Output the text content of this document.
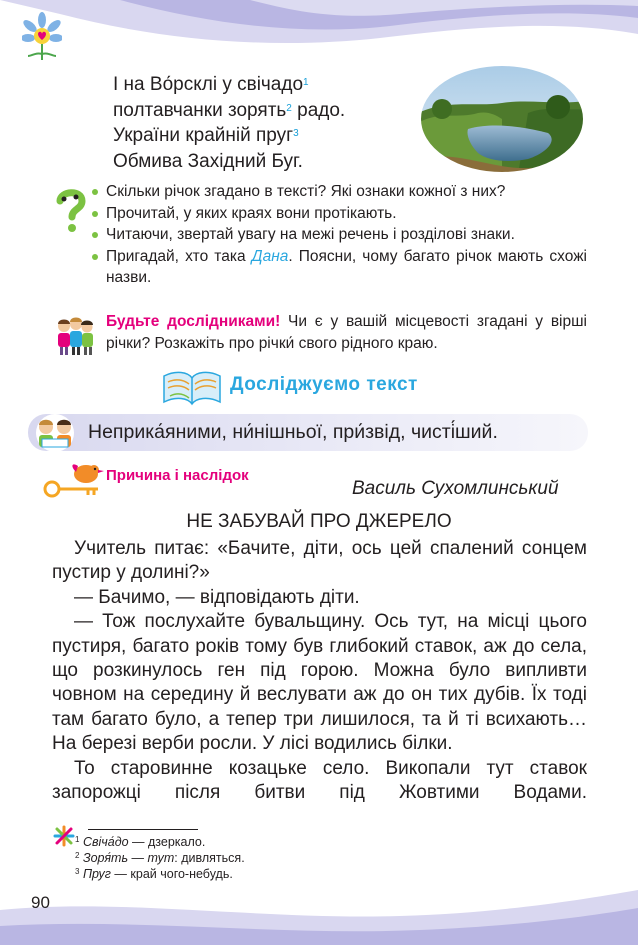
І на Во́рсклі у свічадо$^1$
полтавчанки зорять$^2$ радо.
України крайній пруг$^3$
Обмива Західний Буг.
Скільки річок згадано в тексті? Які ознаки кожної з них?
Прочитай, у яких краях вони протікають.
Читаючи, звертай увагу на межі речень і розділові знаки.
Пригадай, хто така Дана. Поясни, чому багато річок мають схожі назви.
Будьте дослідниками! Чи є у вашій місцевості згадані у вірші річки? Розкажіть про річки́ свого рідного краю.
Досліджуємо текст
Неприка́яними, ни́нішньої, при́звід, чисті́ший.
Причина і наслідок
Василь Сухомлинський
НЕ ЗАБУВАЙ ПРО ДЖЕРЕЛО
Учитель питає: «Бачите, діти, ось цей спалений сонцем пустир у долині?»
— Бачимо, — відповідають діти.
— Тож послухайте бувальщину. Ось тут, на місці цього пустиря, багато років тому був глибокий ставок, аж до села, що розкинулось ген під горою. Можна було випливти човном на середину й веслувати аж до он тих дубів. Їх тоді там багато було, а тепер три лишилося, та й ті всихають… На березі верби росли. У лісі водились білки.
То старовинне козацьке село. Викопали тут ставок запорожці після битви під Жовтими Водами.
$^1$ Свіча́до — дзеркало.
$^2$ Зоря́ть — тут: дивляться.
$^3$ Пруг — край чого-небудь.
90
